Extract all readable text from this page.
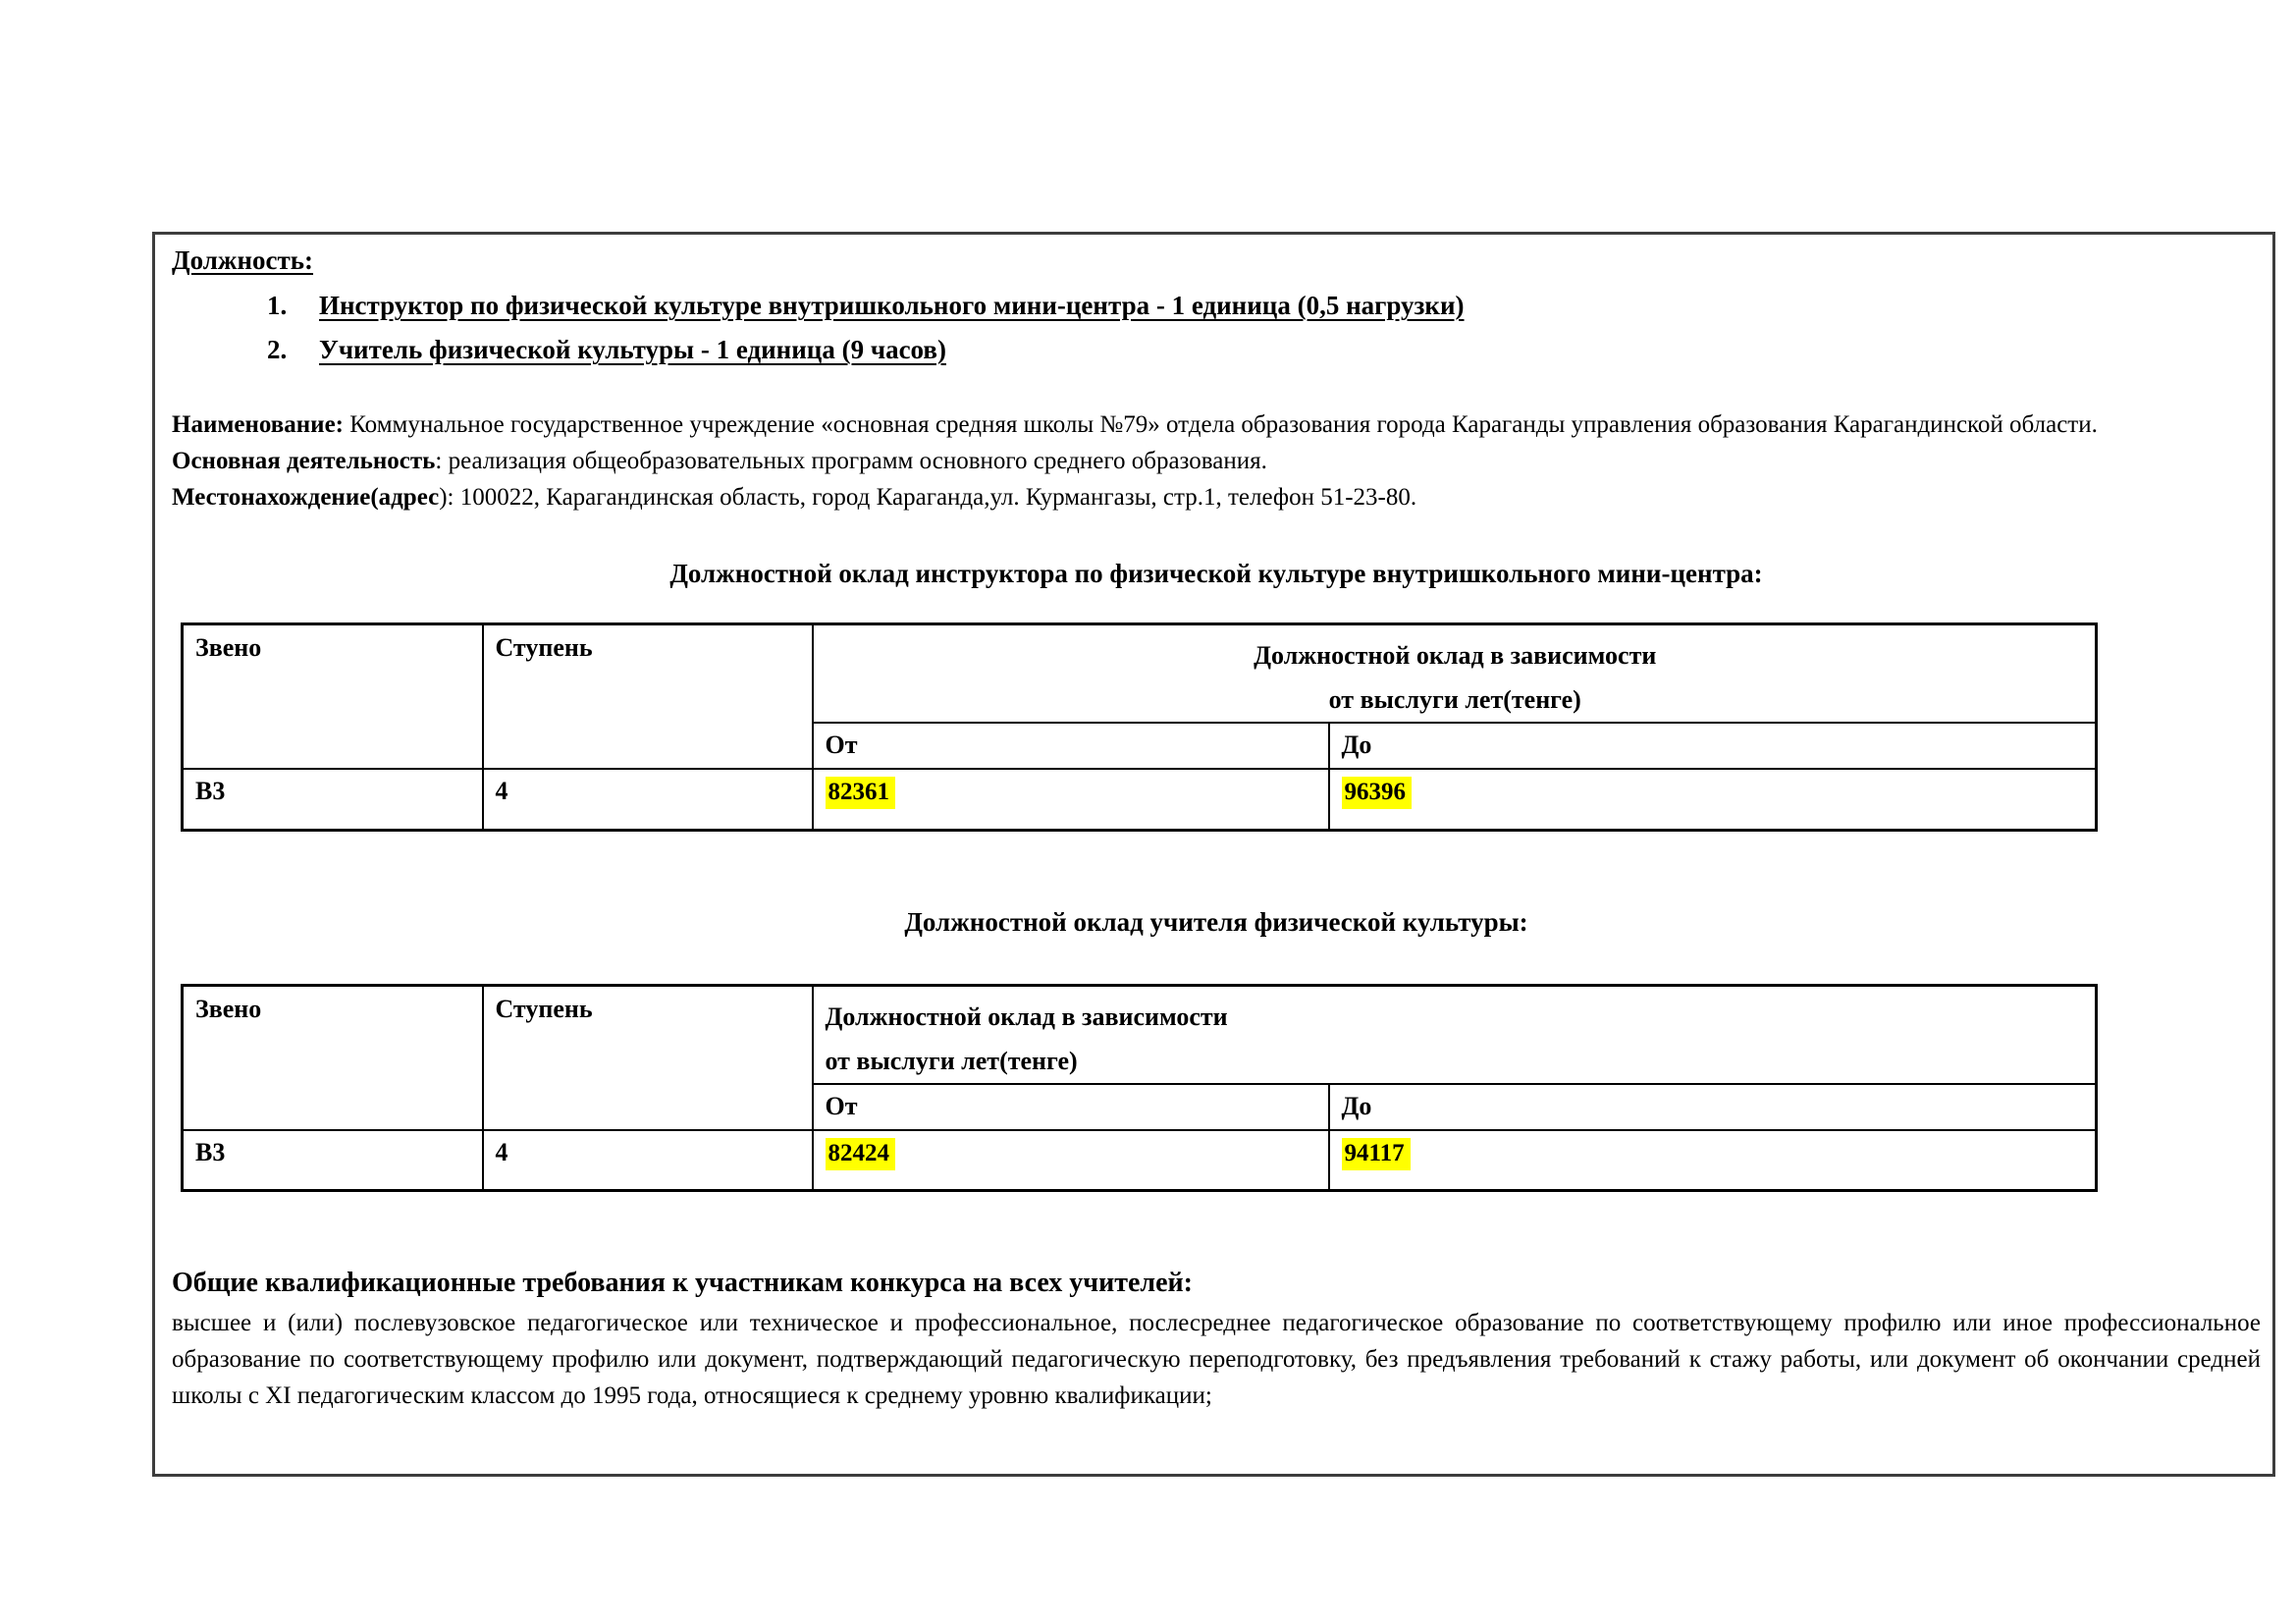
Должность:
1.	Инструктор по физической культуре внутришкольного мини-центра - 1 единица (0,5 нагрузки)
2.	Учитель физической культуры - 1 единица (9 часов)

Наименование: Коммунальное государственное учреждение «основная средняя школы №79» отдела образования города Караганды управления образования Карагандинской области.

Основная деятельность: реализация общеобразовательных программ основного среднего образования.

Местонахождение(адрес): 100022, Карагандинская область, город Караганда,ул. Курмангазы, стр.1, телефон 51-23-80.

Должностной оклад инструктора по физической культуре внутришкольного мини-центра:
Звено	Ступень	Должностной оклад в зависимости
от выслуги лет(тенге)	

		От	До
В3	4	82361	96396
Должностной оклад учителя физической культуры:
Звено	Ступень	Должностной оклад в зависимости
от выслуги лет(тенге)	

		От	До
В3	4	82424	94117
Общие квалификационные требования к участникам конкурса на всех учителей:

высшее и (или) послевузовское педагогическое или техническое и профессиональное, послесреднее педагогическое образование по соответствующему профилю или иное профессиональное образование по соответствующему профилю или документ, подтверждающий педагогическую переподготовку, без предъявления требований к стажу работы, или документ об окончании средней школы с XI педагогическим классом до 1995 года, относящиеся к среднему уровню квалификации;
